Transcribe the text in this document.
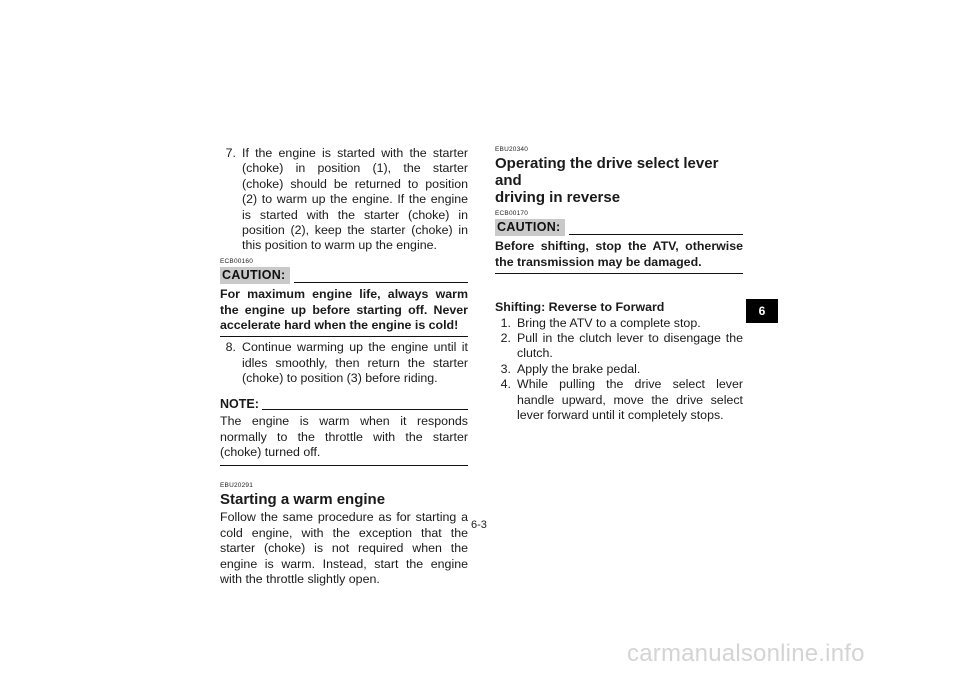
7. If the engine is started with the starter (choke) in position (1), the starter (choke) should be returned to position (2) to warm up the engine. If the engine is started with the starter (choke) in position (2), keep the starter (choke) in this position to warm up the engine.
ECB00160
CAUTION:
For maximum engine life, always warm the engine up before starting off. Never accelerate hard when the engine is cold!
8. Continue warming up the engine until it idles smoothly, then return the starter (choke) to position (3) before riding.
NOTE:
The engine is warm when it responds normally to the throttle with the starter (choke) turned off.
EBU20291
Starting a warm engine
Follow the same procedure as for starting a cold engine, with the exception that the starter (choke) is not required when the engine is warm. Instead, start the engine with the throttle slightly open.
EBU20340
Operating the drive select lever and
driving in reverse
ECB00170
CAUTION:
Before shifting, stop the ATV, otherwise the transmission may be damaged.
Shifting: Reverse to Forward
1. Bring the ATV to a complete stop.
2. Pull in the clutch lever to disengage the clutch.
3. Apply the brake pedal.
4. While pulling the drive select lever handle upward, move the drive select lever forward until it completely stops.
6
6-3
carmanualsonline.info
